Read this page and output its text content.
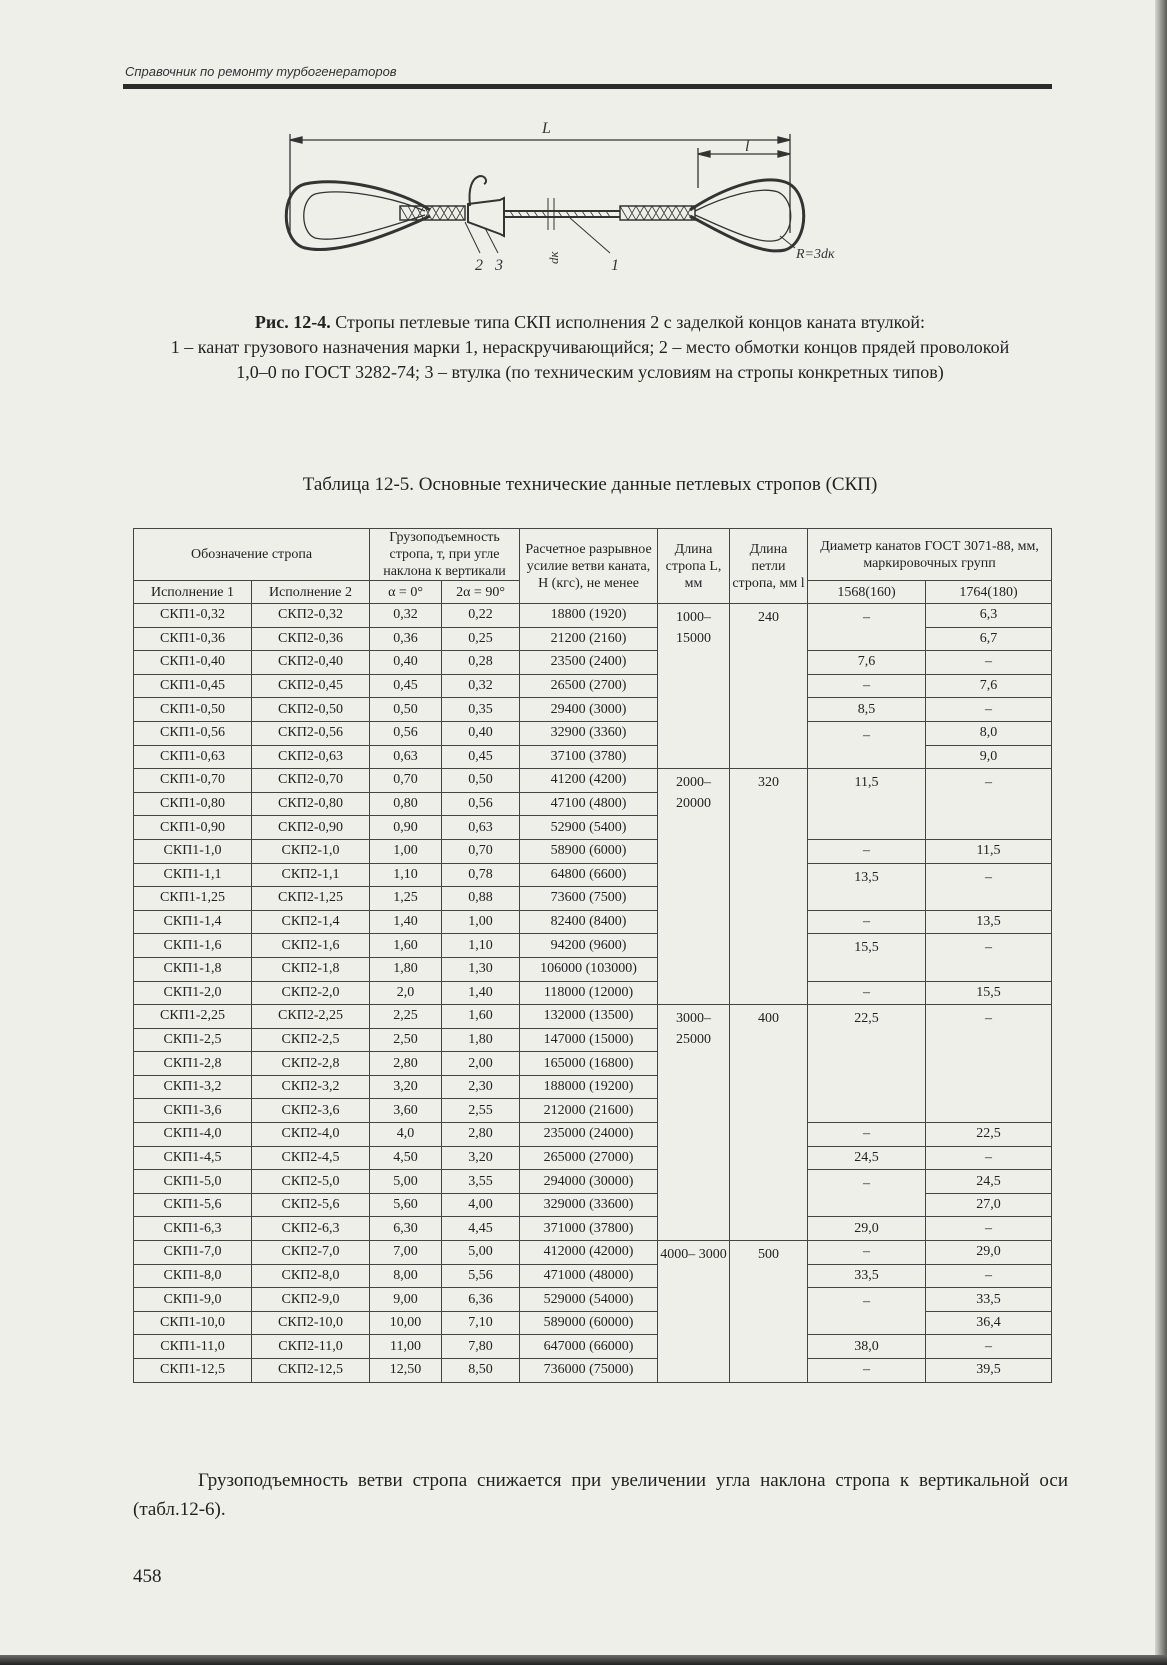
Справочник по ремонту турбогенераторов
L
l
2 3	1
dк	R=3dк
Рис. 12-4. Стропы петлевые типа СКП исполнения 2 с заделкой концов каната втулкой:
1 – канат грузового назначения марки 1, нераскручивающийся; 2 – место обмотки концов прядей проволокой 1,0–0 по ГОСТ 3282-74; 3 – втулка (по техническим условиям на стропы конкретных типов)
Таблица 12-5. Основные технические данные петлевых стропов (СКП)
Обозначение стропа		Грузоподъемность стропа, т, при угле наклона к вертикали		Расчетное разрывное усилие ветви каната, Н (кгс), не менее	Длина стропа L, мм	Длина петли стропа, мм l	Диаметр канатов ГОСТ 3071-88, мм, маркировочных групп	
Исполнение 1	Исполнение 2	α = 0°	2α = 90°				1568(160)	1764(180)
СКП1-0,32	СКП2-0,32	0,32	0,22	18800 (1920)	1000– 15000	240	–	6,3
СКП1-0,36	СКП2-0,36	0,36	0,25	21200 (2160)				6,7
СКП1-0,40	СКП2-0,40	0,40	0,28	23500 (2400)			7,6	–
СКП1-0,45	СКП2-0,45	0,45	0,32	26500 (2700)			–	7,6
СКП1-0,50	СКП2-0,50	0,50	0,35	29400 (3000)			8,5	–
СКП1-0,56	СКП2-0,56	0,56	0,40	32900 (3360)			–	8,0
СКП1-0,63	СКП2-0,63	0,63	0,45	37100 (3780)				9,0
СКП1-0,70	СКП2-0,70	0,70	0,50	41200 (4200)	2000– 20000	320	11,5	–
СКП1-0,80	СКП2-0,80	0,80	0,56	47100 (4800)				
СКП1-0,90	СКП2-0,90	0,90	0,63	52900 (5400)				
СКП1-1,0	СКП2-1,0	1,00	0,70	58900 (6000)			–	11,5
СКП1-1,1	СКП2-1,1	1,10	0,78	64800 (6600)			13,5	–
СКП1-1,25	СКП2-1,25	1,25	0,88	73600 (7500)				
СКП1-1,4	СКП2-1,4	1,40	1,00	82400 (8400)			–	13,5
СКП1-1,6	СКП2-1,6	1,60	1,10	94200 (9600)			15,5	–
СКП1-1,8	СКП2-1,8	1,80	1,30	106000 (103000)				
СКП1-2,0	СКП2-2,0	2,0	1,40	118000 (12000)			–	15,5
СКП1-2,25	СКП2-2,25	2,25	1,60	132000 (13500)	3000– 25000	400	22,5	–
СКП1-2,5	СКП2-2,5	2,50	1,80	147000 (15000)				
СКП1-2,8	СКП2-2,8	2,80	2,00	165000 (16800)				
СКП1-3,2	СКП2-3,2	3,20	2,30	188000 (19200)				
СКП1-3,6	СКП2-3,6	3,60	2,55	212000 (21600)				
СКП1-4,0	СКП2-4,0	4,0	2,80	235000 (24000)			–	22,5
СКП1-4,5	СКП2-4,5	4,50	3,20	265000 (27000)			24,5	–
СКП1-5,0	СКП2-5,0	5,00	3,55	294000 (30000)			–	24,5
СКП1-5,6	СКП2-5,6	5,60	4,00	329000 (33600)				27,0
СКП1-6,3	СКП2-6,3	6,30	4,45	371000 (37800)			29,0	–
СКП1-7,0	СКП2-7,0	7,00	5,00	412000 (42000)	4000– 3000	500	–	29,0
СКП1-8,0	СКП2-8,0	8,00	5,56	471000 (48000)			33,5	–
СКП1-9,0	СКП2-9,0	9,00	6,36	529000 (54000)			–	33,5
СКП1-10,0	СКП2-10,0	10,00	7,10	589000 (60000)				36,4
СКП1-11,0	СКП2-11,0	11,00	7,80	647000 (66000)			38,0	–
СКП1-12,5	СКП2-12,5	12,50	8,50	736000 (75000)			–	39,5
Грузоподъемность ветви стропа снижается при увеличении угла наклона стропа к вертикальной оси (табл.12-6).
458
